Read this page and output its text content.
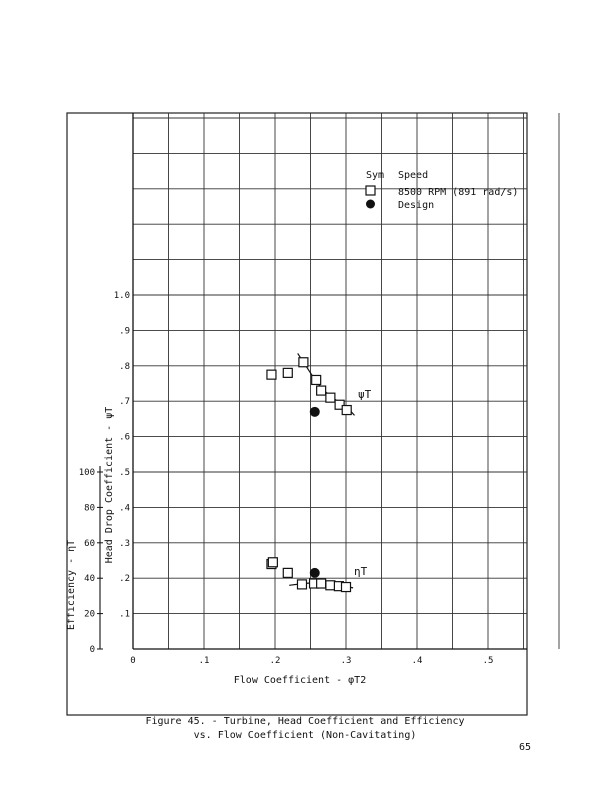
0	.1	.2	.3	.4	.5
.1
.2
.3
.4
.5
.6
.7
.8
.9
1.0
0
20
40
60
80
100
Sym Speed
8500 RPM (891 rad/s)
Design
ψT
ηT
Flow Coefficient - φT2
Head Drop Coefficient - ψT
Efficiency - ηT
Figure 45. - Turbine, Head Coefficient and Efficiency
vs. Flow Coefficient (Non-Cavitating)
65
